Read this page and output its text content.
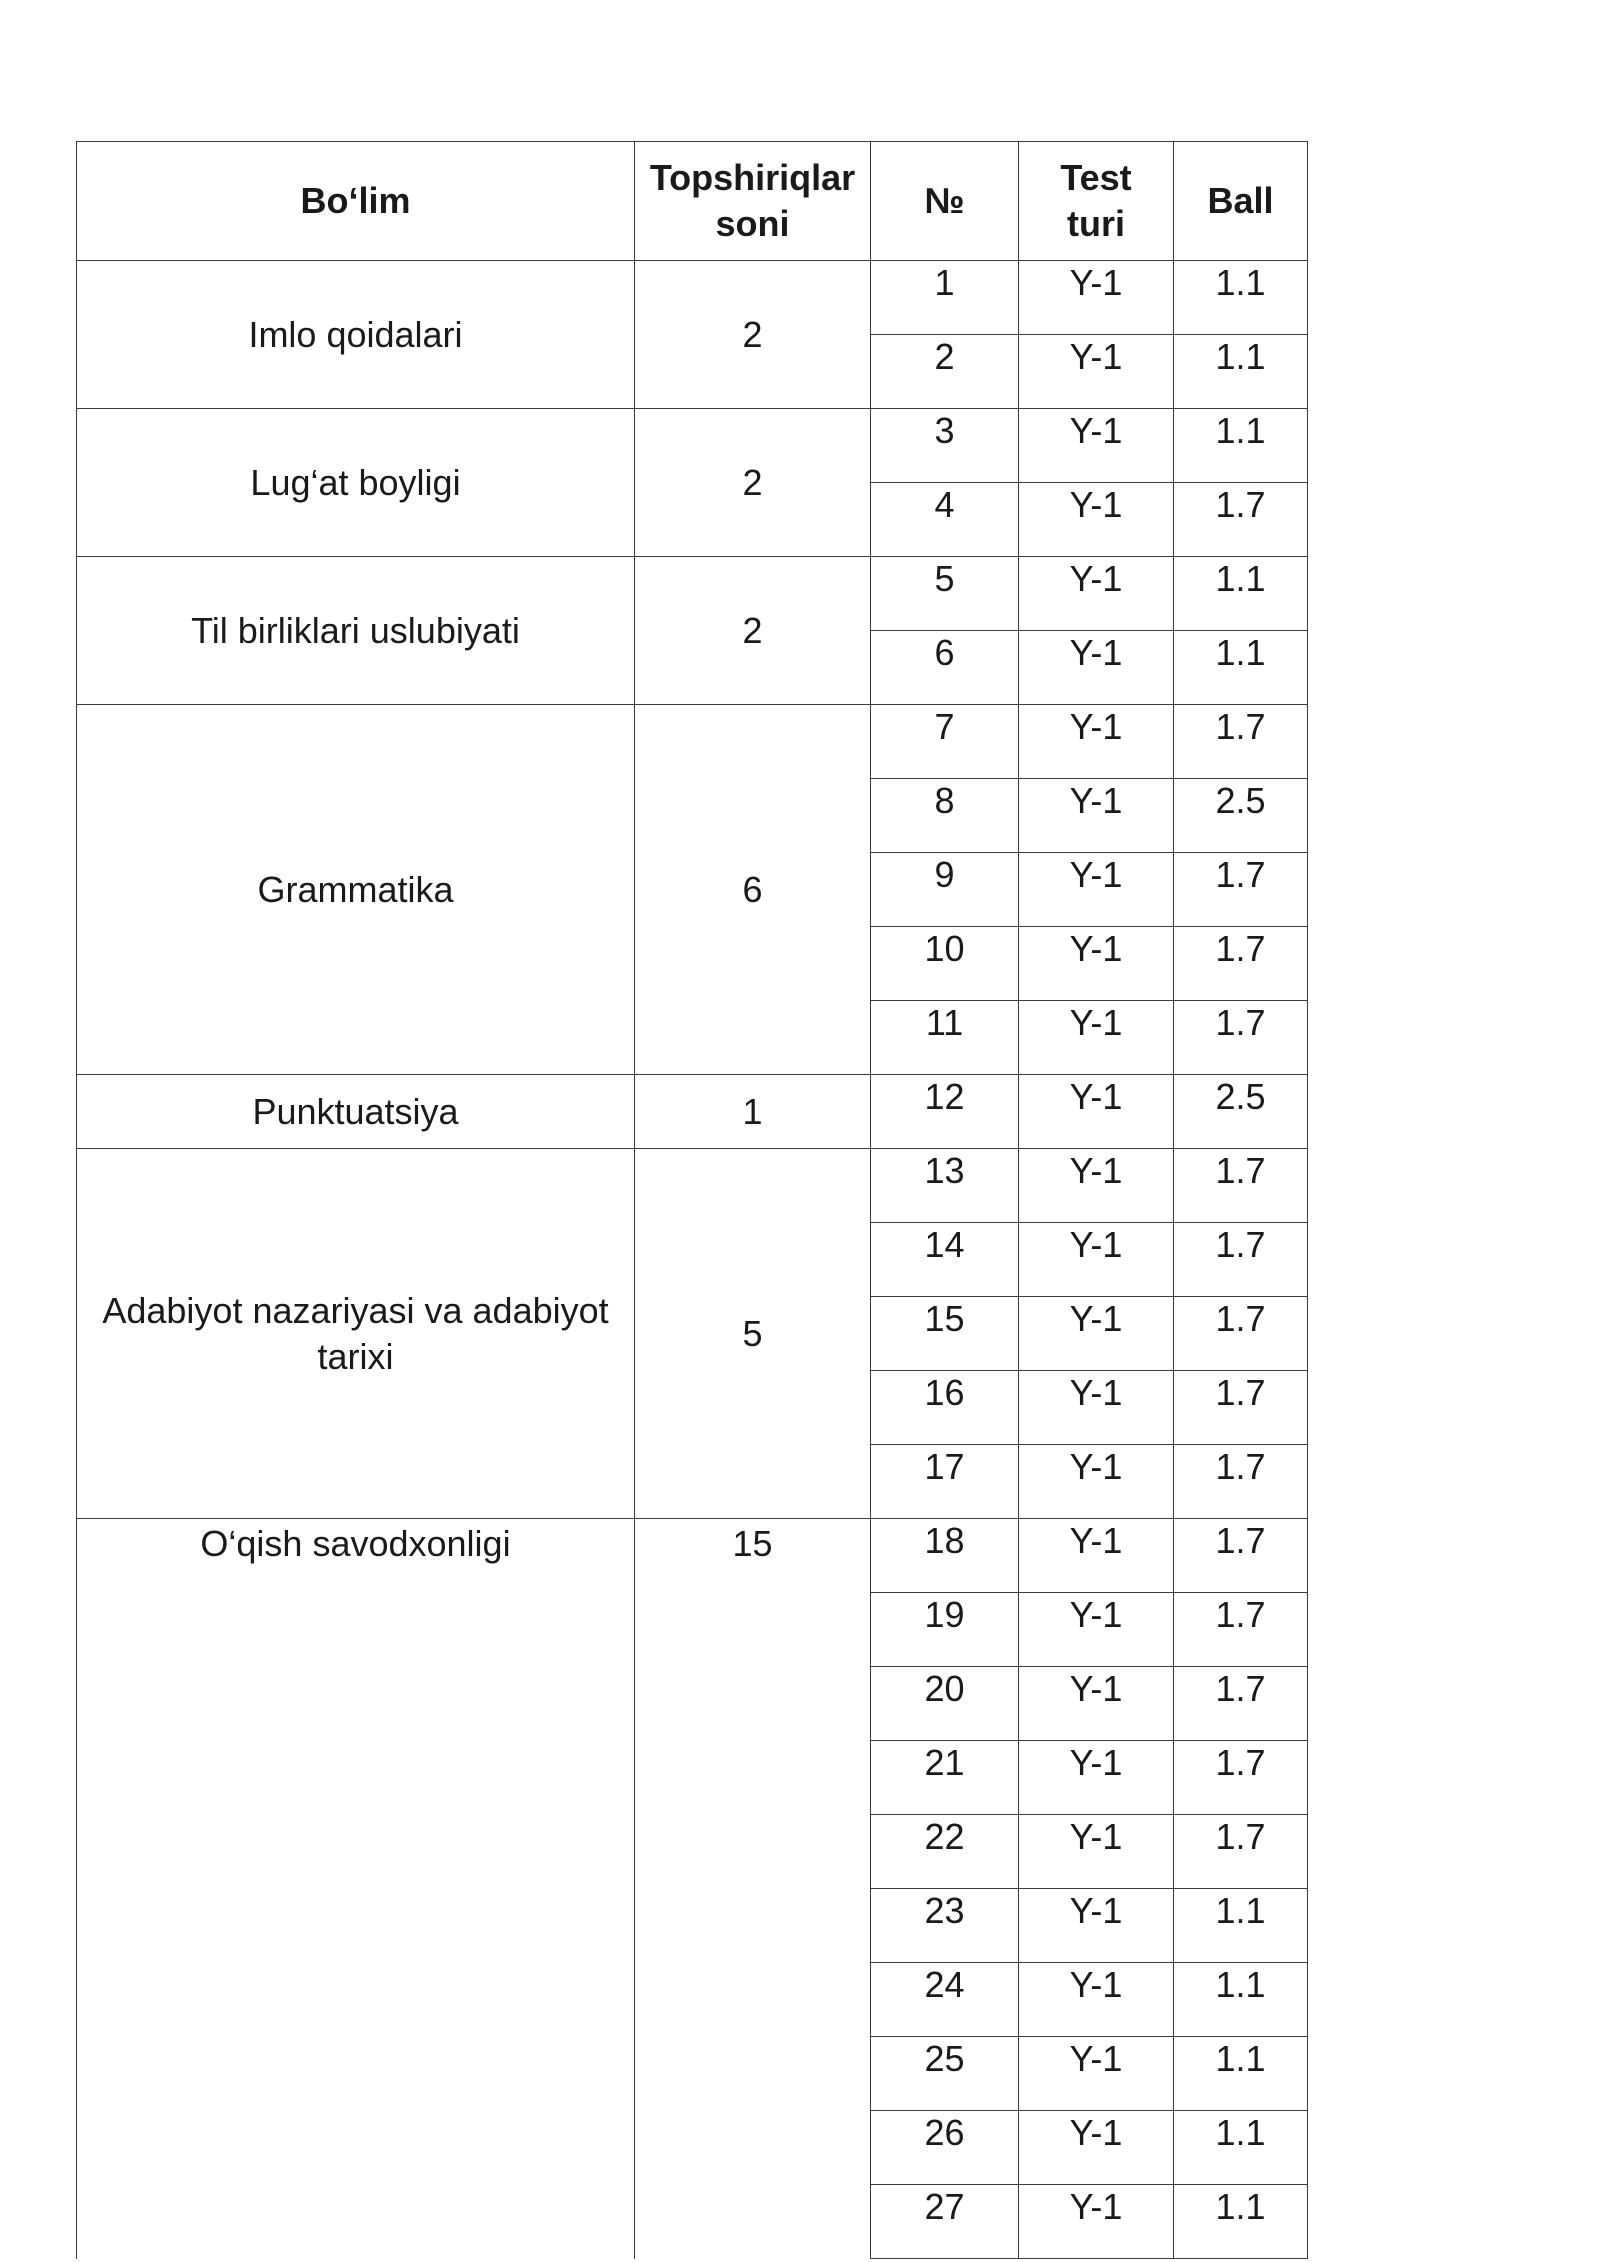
Bo‘lim	Topshiriqlar soni	№	Test turi	Ball
Imlo qoidalari	2	1	Y-1	1.1
		2	Y-1	1.1
Lug‘at boyligi	2	3	Y-1	1.1
		4	Y-1	1.7
Til birliklari uslubiyati	2	5	Y-1	1.1
		6	Y-1	1.1
Grammatika	6	7	Y-1	1.7
		8	Y-1	2.5
		9	Y-1	1.7
		10	Y-1	1.7
		11	Y-1	1.7
Punktuatsiya	1	12	Y-1	2.5
Adabiyot nazariyasi va adabiyot tarixi	5	13	Y-1	1.7
		14	Y-1	1.7
		15	Y-1	1.7
		16	Y-1	1.7
		17	Y-1	1.7
O‘qish savodxonligi	15	18	Y-1	1.7
		19	Y-1	1.7
		20	Y-1	1.7
		21	Y-1	1.7
		22	Y-1	1.7
		23	Y-1	1.1
		24	Y-1	1.1
		25	Y-1	1.1
		26	Y-1	1.1
		27	Y-1	1.1
